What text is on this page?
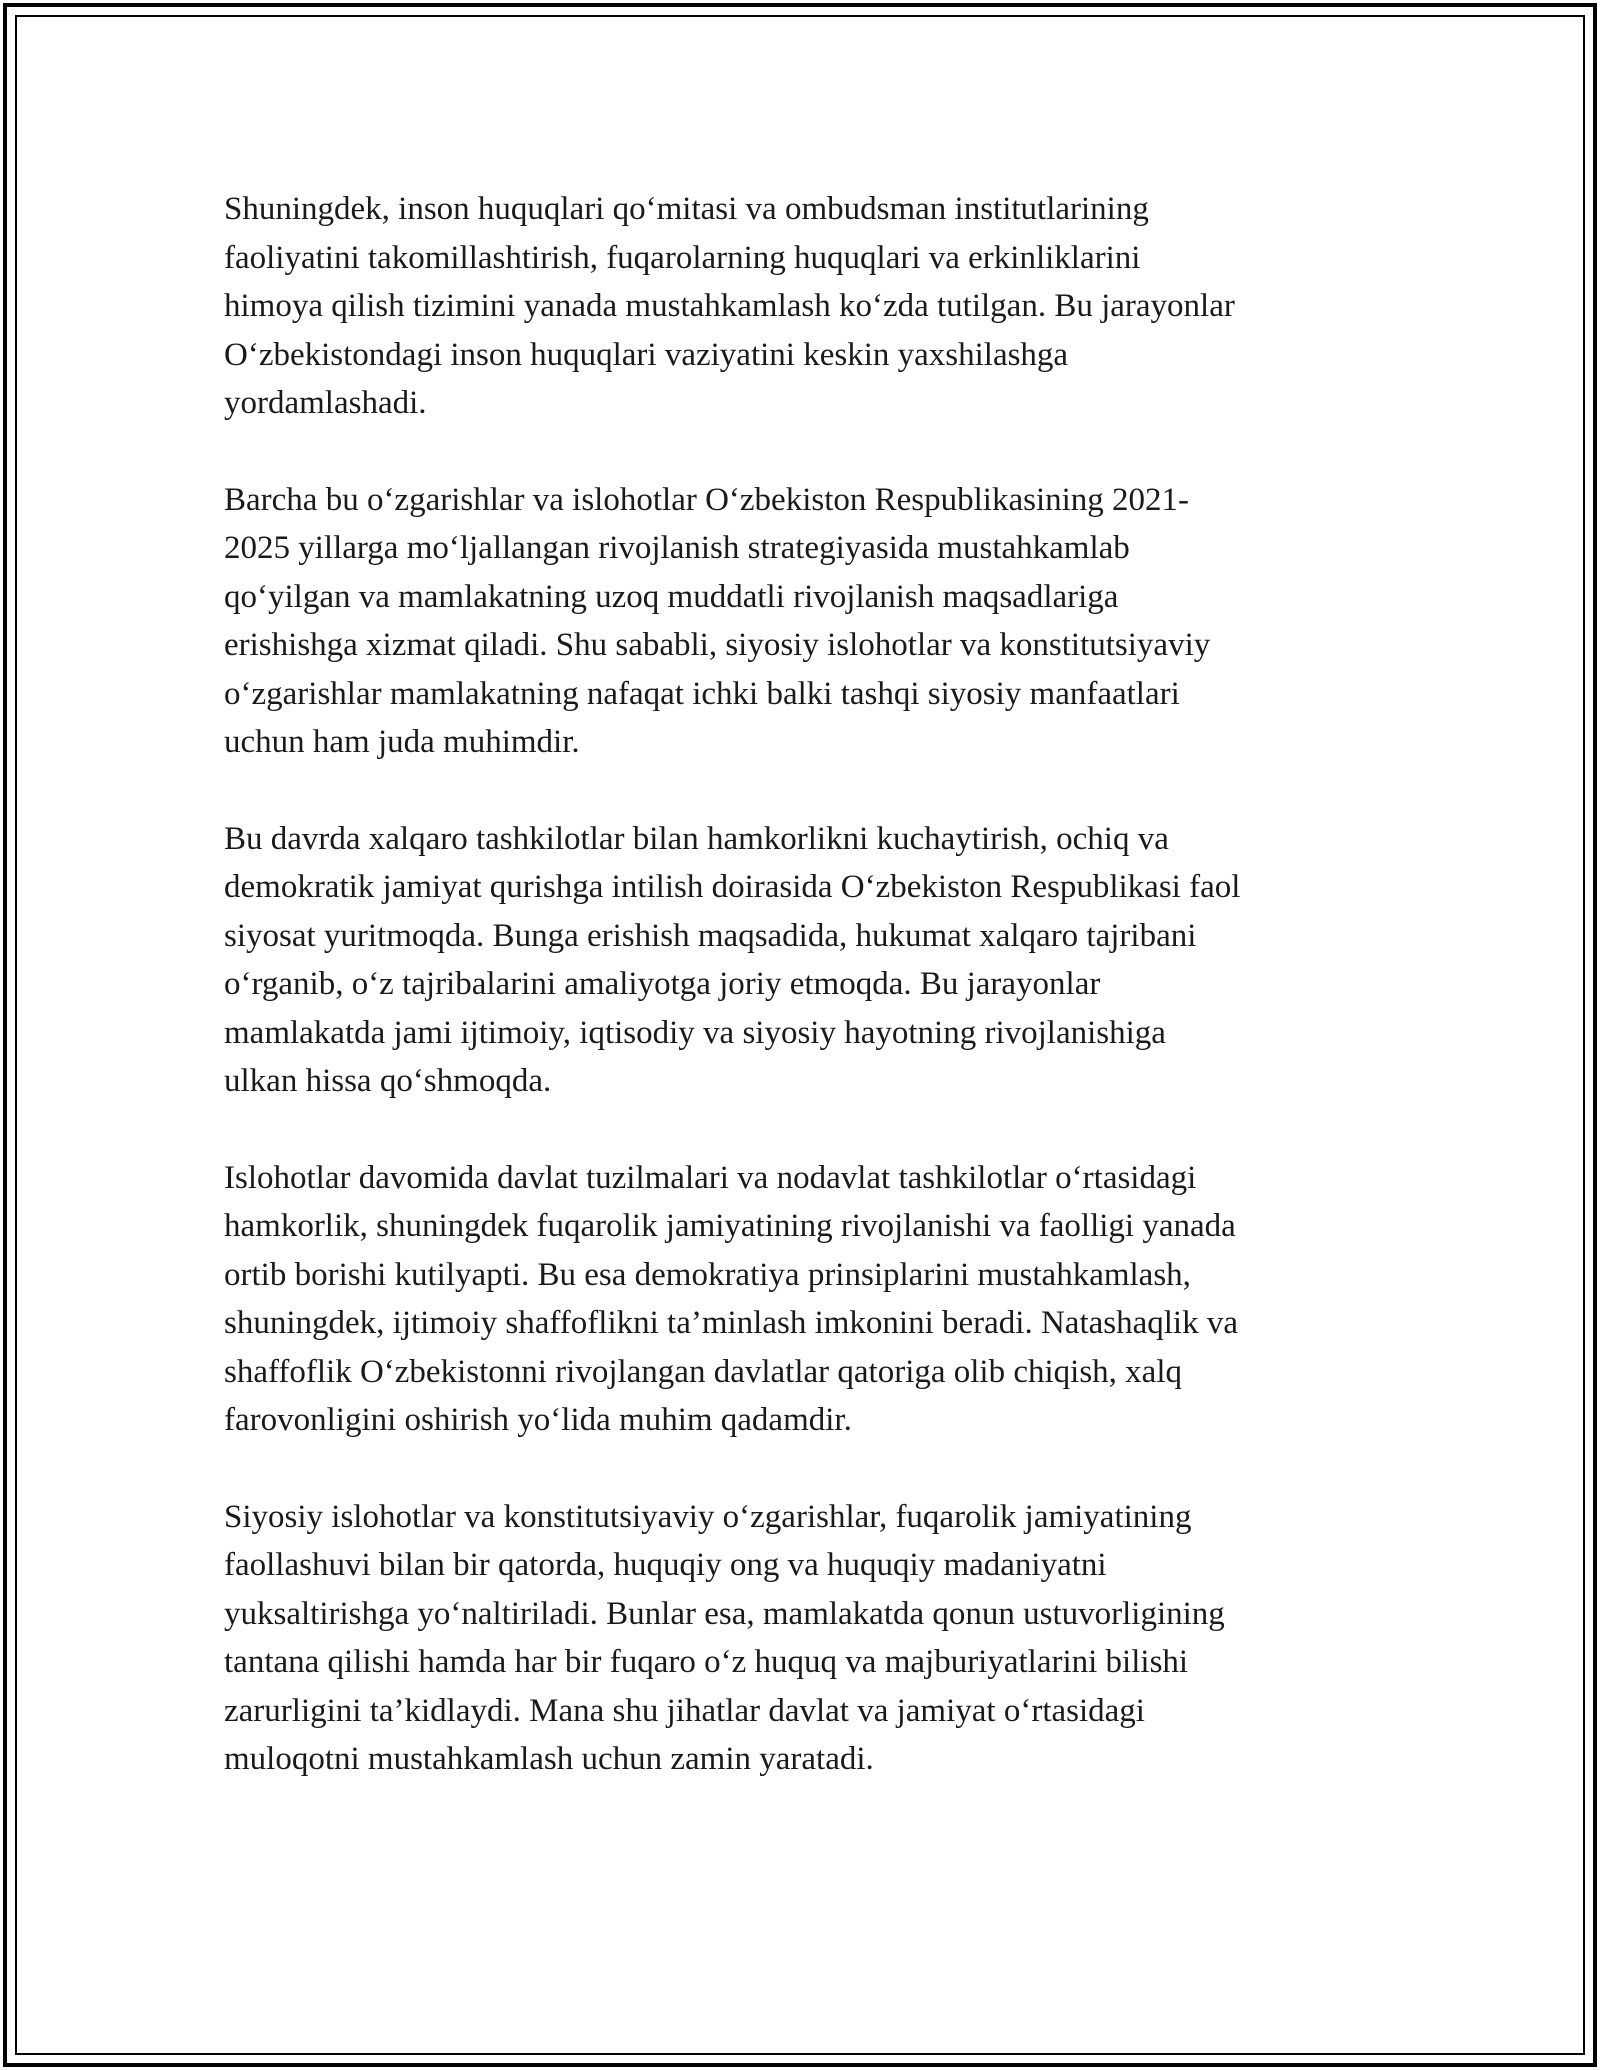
Shuningdek, inson huquqlari qo‘mitasi va ombudsman institutlarining
faoliyatini takomillashtirish, fuqarolarning huquqlari va erkinliklarini
himoya qilish tizimini yanada mustahkamlash ko‘zda tutilgan. Bu jarayonlar
O‘zbekistondagi inson huquqlari vaziyatini keskin yaxshilashga
yordamlashadi.

Barcha bu o‘zgarishlar va islohotlar O‘zbekiston Respublikasining 2021-
2025 yillarga mo‘ljallangan rivojlanish strategiyasida mustahkamlab
qo‘yilgan va mamlakatning uzoq muddatli rivojlanish maqsadlariga
erishishga xizmat qiladi. Shu sababli, siyosiy islohotlar va konstitutsiyaviy
o‘zgarishlar mamlakatning nafaqat ichki balki tashqi siyosiy manfaatlari
uchun ham juda muhimdir.

Bu davrda xalqaro tashkilotlar bilan hamkorlikni kuchaytirish, ochiq va
demokratik jamiyat qurishga intilish doirasida O‘zbekiston Respublikasi faol
siyosat yuritmoqda. Bunga erishish maqsadida, hukumat xalqaro tajribani
o‘rganib, o‘z tajribalarini amaliyotga joriy etmoqda. Bu jarayonlar
mamlakatda jami ijtimoiy, iqtisodiy va siyosiy hayotning rivojlanishiga
ulkan hissa qo‘shmoqda.

Islohotlar davomida davlat tuzilmalari va nodavlat tashkilotlar o‘rtasidagi
hamkorlik, shuningdek fuqarolik jamiyatining rivojlanishi va faolligi yanada
ortib borishi kutilyapti. Bu esa demokratiya prinsiplarini mustahkamlash,
shuningdek, ijtimoiy shaffoflikni ta’minlash imkonini beradi. Natashaqlik va
shaffoflik O‘zbekistonni rivojlangan davlatlar qatoriga olib chiqish, xalq
farovonligini oshirish yo‘lida muhim qadamdir.

Siyosiy islohotlar va konstitutsiyaviy o‘zgarishlar, fuqarolik jamiyatining
faollashuvi bilan bir qatorda, huquqiy ong va huquqiy madaniyatni
yuksaltirishga yo‘naltiriladi. Bunlar esa, mamlakatda qonun ustuvorligining
tantana qilishi hamda har bir fuqaro o‘z huquq va majburiyatlarini bilishi
zarurligini ta’kidlaydi. Mana shu jihatlar davlat va jamiyat o‘rtasidagi
muloqotni mustahkamlash uchun zamin yaratadi.
